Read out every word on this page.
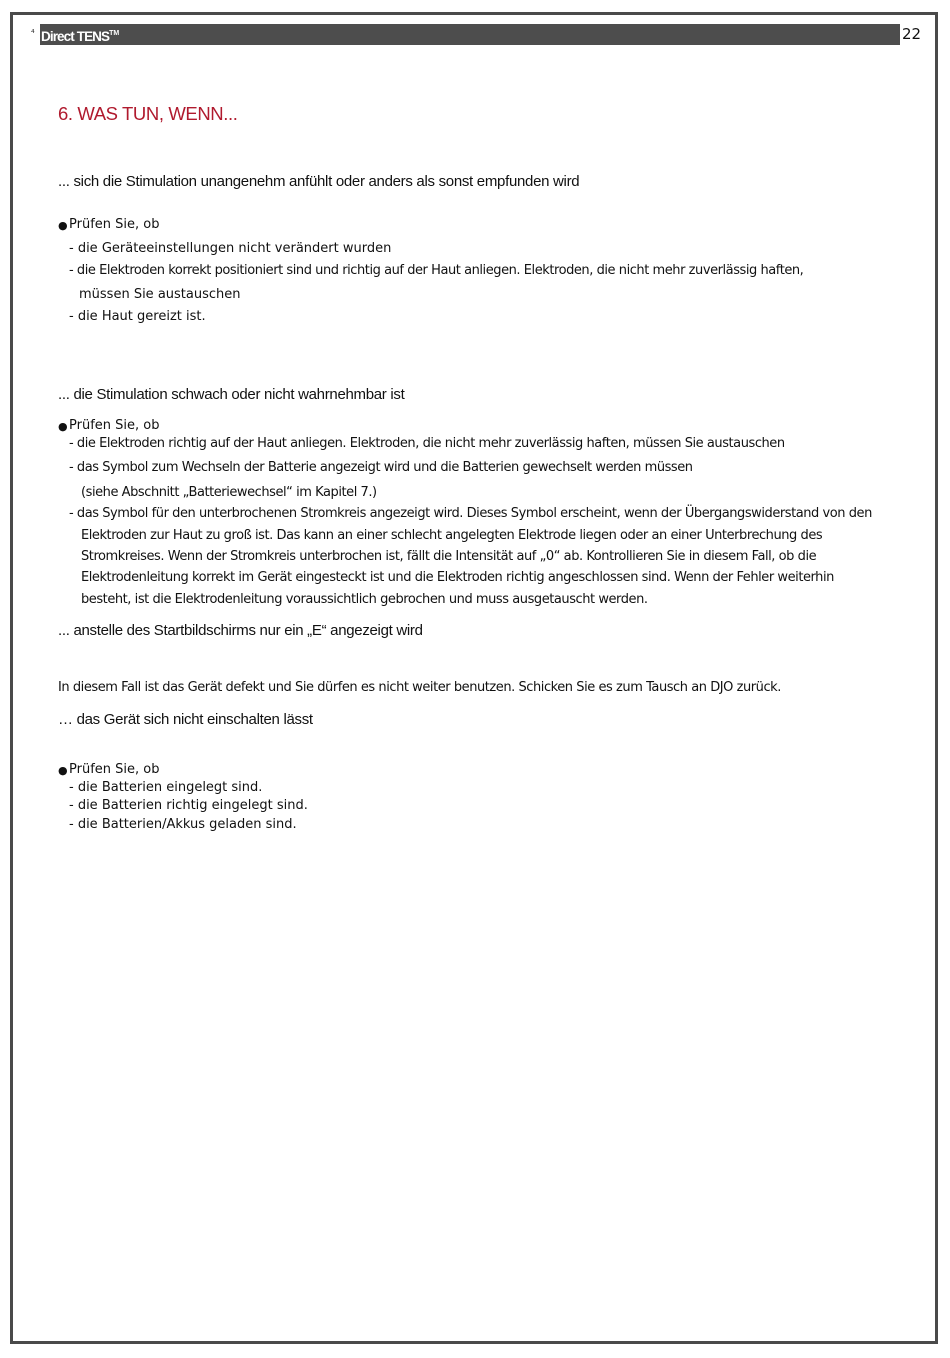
⁴ Direct TENS™	22
6. WAS TUN, WENN...
... sich die Stimulation unangenehm anfühlt oder anders als sonst empfunden wird
● Prüfen Sie, ob
- die Geräteeinstellungen nicht verändert wurden
- die Elektroden korrekt positioniert sind und richtig auf der Haut anliegen. Elektroden, die nicht mehr zuverlässig haften,
müssen Sie austauschen
- die Haut gereizt ist.
... die Stimulation schwach oder nicht wahrnehmbar ist
● Prüfen Sie, ob
- die Elektroden richtig auf der Haut anliegen. Elektroden, die nicht mehr zuverlässig haften, müssen Sie austauschen
- das Symbol zum Wechseln der Batterie angezeigt wird und die Batterien gewechselt werden müssen
(siehe Abschnitt „Batteriewechsel“ im Kapitel 7.)
- das Symbol für den unterbrochenen Stromkreis angezeigt wird. Dieses Symbol erscheint, wenn der Übergangswiderstand von den
Elektroden zur Haut zu groß ist. Das kann an einer schlecht angelegten Elektrode liegen oder an einer Unterbrechung des
Stromkreises. Wenn der Stromkreis unterbrochen ist, fällt die Intensität auf „0“ ab. Kontrollieren Sie in diesem Fall, ob die
Elektrodenleitung korrekt im Gerät eingesteckt ist und die Elektroden richtig angeschlossen sind. Wenn der Fehler weiterhin
besteht, ist die Elektrodenleitung voraussichtlich gebrochen und muss ausgetauscht werden.
... anstelle des Startbildschirms nur ein „E“ angezeigt wird
In diesem Fall ist das Gerät defekt und Sie dürfen es nicht weiter benutzen. Schicken Sie es zum Tausch an DJO zurück.
… das Gerät sich nicht einschalten lässt
● Prüfen Sie, ob
- die Batterien eingelegt sind.
- die Batterien richtig eingelegt sind.
- die Batterien/Akkus geladen sind.
